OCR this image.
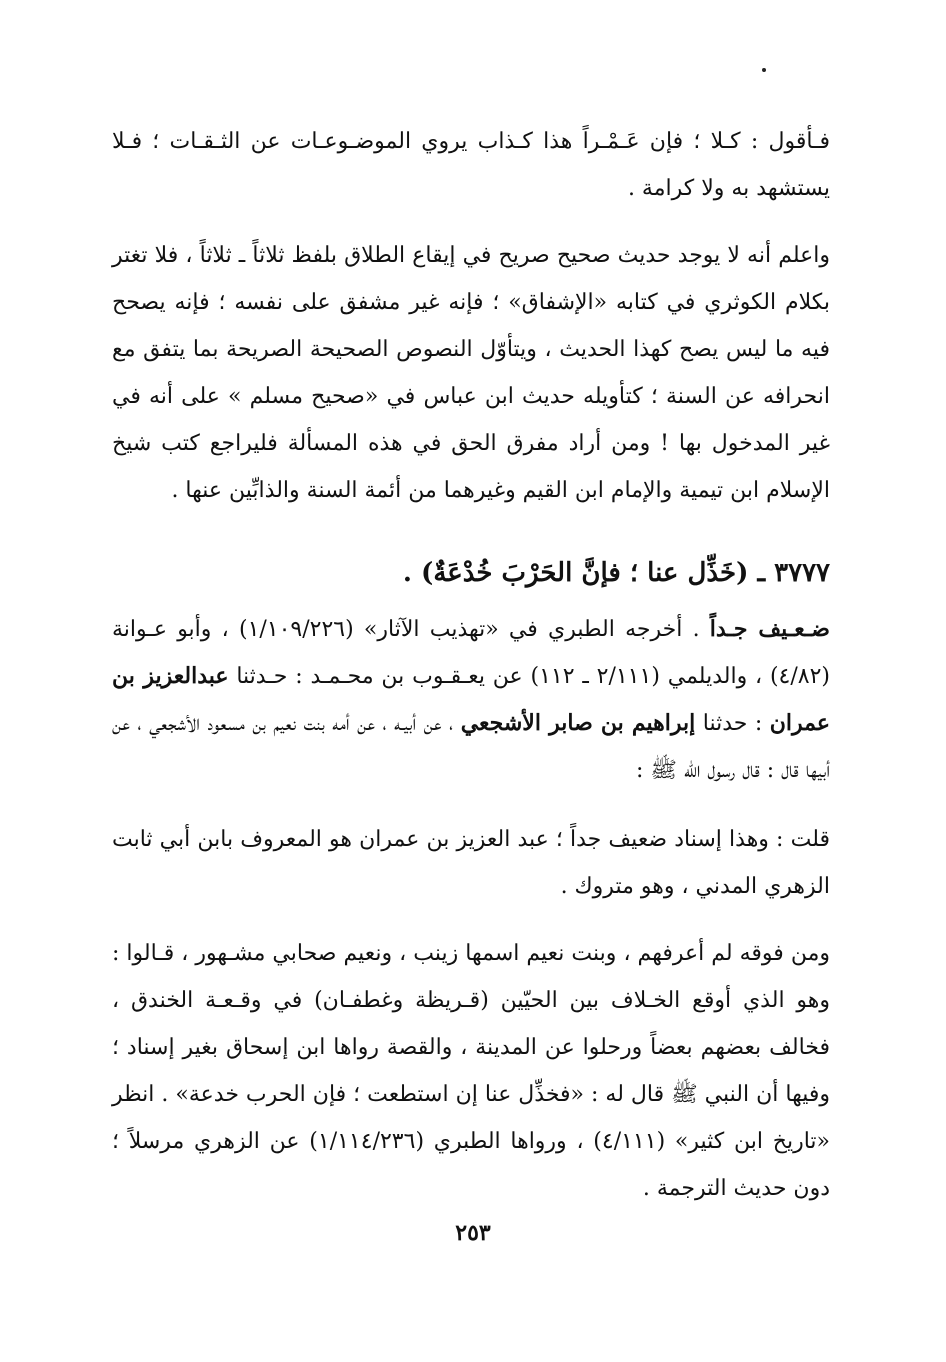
فـأقول : كـلا ؛ فإن عَـمْـراً هذا كـذاب يروي الموضـوعـات عن الثـقـات ؛ فـلا يستشهد به ولا كرامة .

واعلم أنه لا يوجد حديث صحيح صريح في إيقاع الطلاق بلفظ ثلاثاً ـ ثلاثاً ، فلا تغتر بكلام الكوثري في كتابه «الإشفاق» ؛ فإنه غير مشفق على نفسه ؛ فإنه يصحح فيه ما ليس يصح كهذا الحديث ، ويتأوّل النصوص الصحيحة الصريحة بما يتفق مع انحرافه عن السنة ؛ كتأويله حديث ابن عباس في «صحيح مسلم » على أنه في غير المدخول بها ! ومن أراد مفرق الحق في هذه المسألة فليراجع كتب شيخ الإسلام ابن تيمية والإمام ابن القيم وغيرهما من أئمة السنة والذابِّين عنها .

٣٧٧٧ ـ (خَذِّل عنا ؛ فإنَّ الحَرْبَ خُدْعَةٌ) .

ضـعـيف جـداً . أخرجه الطبري في «تهذيب الآثار» (١/١٠٩/٢٢٦) ، وأبو عـوانة (٤/٨٢) ، والديلمي (٢/١١١ ـ ١١٢) عن يعـقـوب بن محـمـد : حـدثنا عبدالعزيز بن عمران : حدثنا إبراهيم بن صابر الأشجعي ، عن أبيـه ، عن أمه بنت نعيم بن مسعود الأشجعي ، عن أبيها قال : قال رسول الله ﷺ :

قلت : وهذا إسناد ضعيف جداً ؛ عبد العزيز بن عمران هو المعروف بابن أبي ثابت الزهري المدني ، وهو متروك .

ومن فوقه لم أعرفهم ، وبنت نعيم اسمها زينب ، ونعيم صحابي مشـهور ، قـالوا : وهو الذي أوقع الخـلاف بين الحيّين (قـريظة وغطفـان) في وقـعـة الخندق ، فخالف بعضهم بعضاً ورحلوا عن المدينة ، والقصة رواها ابن إسحاق بغير إسناد ؛ وفيها أن النبي ﷺ قال له : «فخذِّل عنا إن استطعت ؛ فإن الحرب خدعة» . انظر «تاريخ ابن كثير» (٤/١١١) ، ورواها الطبري (١/١١٤/٢٣٦) عن الزهري مرسلاً ؛ دون حديث الترجمة .

٢٥٣
